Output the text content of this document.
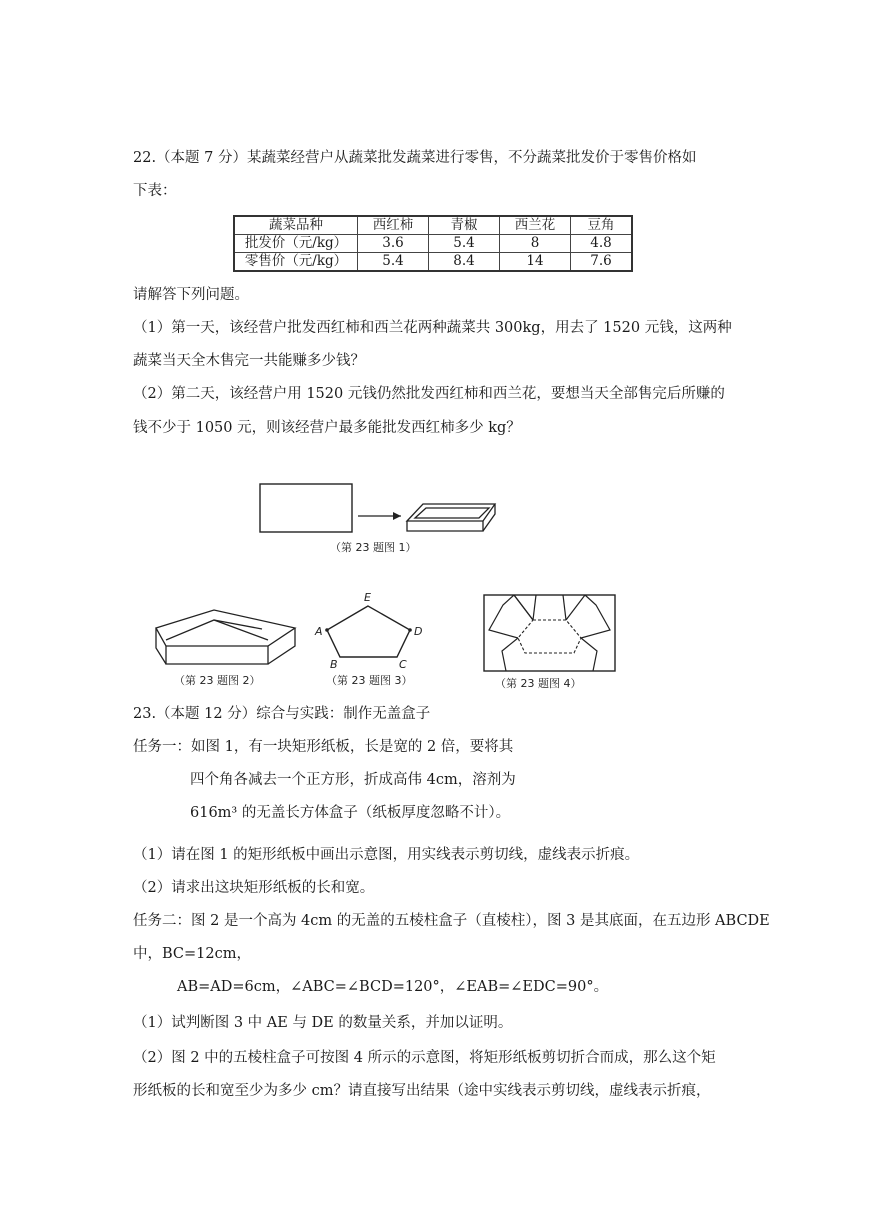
22.（本题 7 分）某蔬菜经营户从蔬菜批发蔬菜进行零售，不分蔬菜批发价于零售价格如
下表：
蔬菜品种	西红柿	青椒	西兰花	豆角
批发价（元/kg）	3.6	5.4	8	4.8
零售价（元/kg）	5.4	8.4	14	7.6
请解答下列问题。
（1）第一天，该经营户批发西红柿和西兰花两种蔬菜共 300kg，用去了 1520 元钱，这两种
蔬菜当天全木售完一共能赚多少钱？
（2）第二天，该经营户用 1520 元钱仍然批发西红柿和西兰花，要想当天全部售完后所赚的
钱不少于 1050 元，则该经营户最多能批发西红柿多少 kg？
（第 23 题图 1）
（第 23 题图 2）
E
A	D
B	C
（第 23 题图 3）	（第 23 题图 4）
23.（本题 12 分）综合与实践：制作无盖盒子
任务一：如图 1，有一块矩形纸板，长是宽的 2 倍，要将其
四个角各减去一个正方形，折成高伟 4cm，溶剂为
616m³ 的无盖长方体盒子（纸板厚度忽略不计）。
（1）请在图 1 的矩形纸板中画出示意图，用实线表示剪切线，虚线表示折痕。
（2）请求出这块矩形纸板的长和宽。
任务二：图 2 是一个高为 4cm 的无盖的五棱柱盒子（直棱柱），图 3 是其底面，在五边形 ABCDE
中，BC=12cm，
AB=AD=6cm，∠ABC=∠BCD=120°，∠EAB=∠EDC=90°。
（1）试判断图 3 中 AE 与 DE 的数量关系，并加以证明。
（2）图 2 中的五棱柱盒子可按图 4 所示的示意图，将矩形纸板剪切折合而成，那么这个矩
形纸板的长和宽至少为多少 cm？请直接写出结果（途中实线表示剪切线，虚线表示折痕，
